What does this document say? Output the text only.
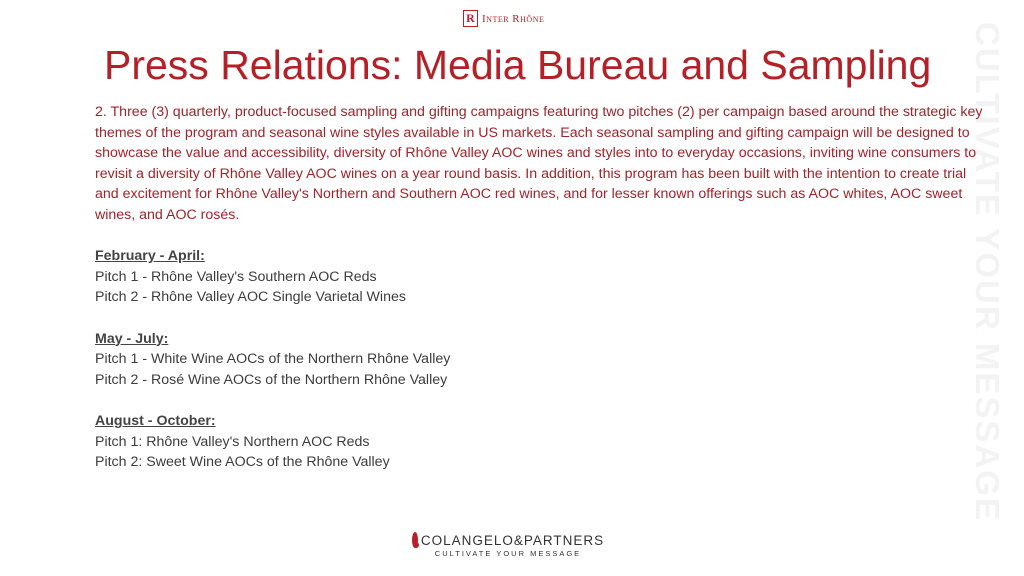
R Inter Rhône
Press Relations: Media Bureau and Sampling CULTIVATE YOUR MESSAGE

2. Three (3) quarterly, product-focused sampling and gifting campaigns featuring two pitches (2) per campaign based around the strategic key themes of the program and seasonal wine styles available in US markets. Each seasonal sampling and gifting campaign will be designed to showcase the value and accessibility, diversity of Rhône Valley AOC wines and styles into to everyday occasions, inviting wine consumers to revisit a diversity of Rhône Valley AOC wines on a year round basis. In addition, this program has been built with the intention to create trial and excitement for Rhône Valley's Northern and Southern AOC red wines, and for lesser known offerings such as AOC whites, AOC sweet wines, and AOC rosés.

February - April:
Pitch 1 - Rhône Valley's Southern AOC Reds
Pitch 2 - Rhône Valley AOC Single Varietal Wines
May - July:
Pitch 1 - White Wine AOCs of the Northern Rhône Valley
Pitch 2 - Rosé Wine AOCs of the Northern Rhône Valley
August - October:
Pitch 1: Rhône Valley's Northern AOC Reds
Pitch 2: Sweet Wine AOCs of the Rhône Valley
COLANGELO&PARTNERS
CULTIVATE YOUR MESSAGE
